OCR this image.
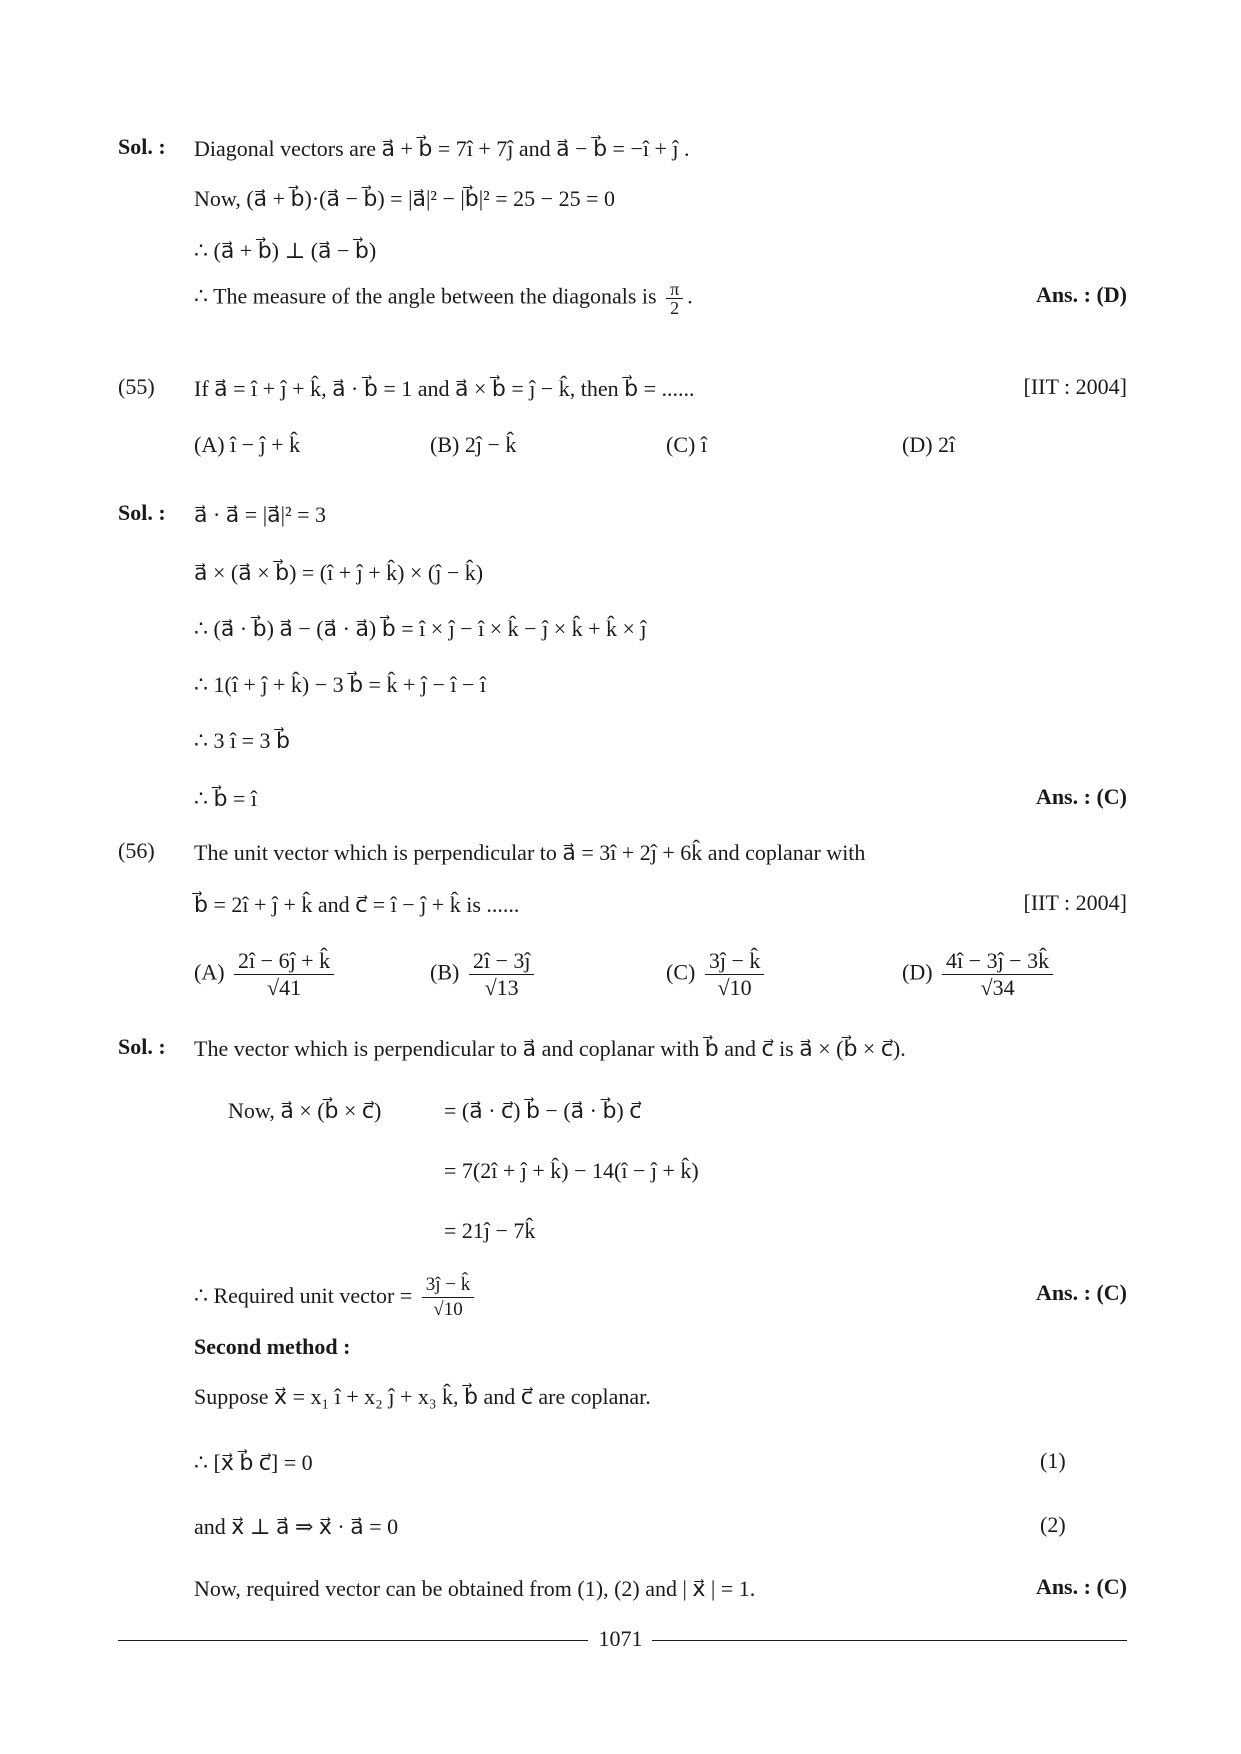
Sol. : Diagonal vectors are a⃗ + b⃗ = 7î + 7ĵ and a⃗ − b⃗ = −î + ĵ .
Now, (a⃗ + b⃗)·(a⃗ − b⃗) = |a⃗|² − |b⃗|² = 25 − 25 = 0
∴ (a⃗ + b⃗) ⊥ (a⃗ − b⃗)
∴ The measure of the angle between the diagonals is $\frac{\pi}{2}$ .	Ans. : (D)
(55) If a⃗ = î + ĵ + k̂, a⃗ · b⃗ = 1 and a⃗ × b⃗ = ĵ − k̂, then b⃗ = ......	[IIT : 2004]
(A) î − ĵ + k̂	(B) 2ĵ − k̂	(C) î	(D) 2î
Sol. : a⃗ · a⃗ = |a⃗|² = 3
a⃗ × (a⃗ × b⃗) = (î + ĵ + k̂) × (ĵ − k̂)
∴ (a⃗ · b⃗) a⃗ − (a⃗ · a⃗) b⃗ = î × ĵ − î × k̂ − ĵ × k̂ + k̂ × ĵ
∴ 1(î + ĵ + k̂) − 3 b⃗ = k̂ + ĵ − î − î
∴ 3 î = 3 b⃗
∴ b⃗ = î	Ans. : (C)
(56) The unit vector which is perpendicular to a⃗ = 3î + 2ĵ + 6k̂ and coplanar with
b⃗ = 2î + ĵ + k̂ and c⃗ = î − ĵ + k̂ is ......	[IIT : 2004]
$(A) \frac{2î - 6ĵ + k̂}{√41}$	$(B) \frac{2î - 3ĵ}{√13}$	$(C) \frac{3ĵ - k̂}{√10}$	$(D) \frac{4î - 3ĵ - 3k̂}{√34}$
Sol. : The vector which is perpendicular to a⃗ and coplanar with b⃗ and c⃗ is a⃗ × (b⃗ × c⃗).
Now, a⃗ × (b⃗ × c⃗)	= (a⃗ · c⃗) b⃗ − (a⃗ · b⃗) c⃗
= 7(2î + ĵ + k̂) − 14(î − ĵ + k̂)
= 21ĵ − 7k̂
∴ Required unit vector = $\frac{3ĵ - k̂}{√10}$	Ans. : (C)
Second method :
Suppose x⃗ = x₁ î + x₂ ĵ + x₃ k̂, b⃗ and c⃗ are coplanar.
∴ [x⃗ b⃗ c⃗] = 0	(1)
and x⃗ ⊥ a⃗ ⇒ x⃗ · a⃗ = 0	(2)
Now, required vector can be obtained from (1), (2) and | x⃗ | = 1.	Ans. : (C)
1071
